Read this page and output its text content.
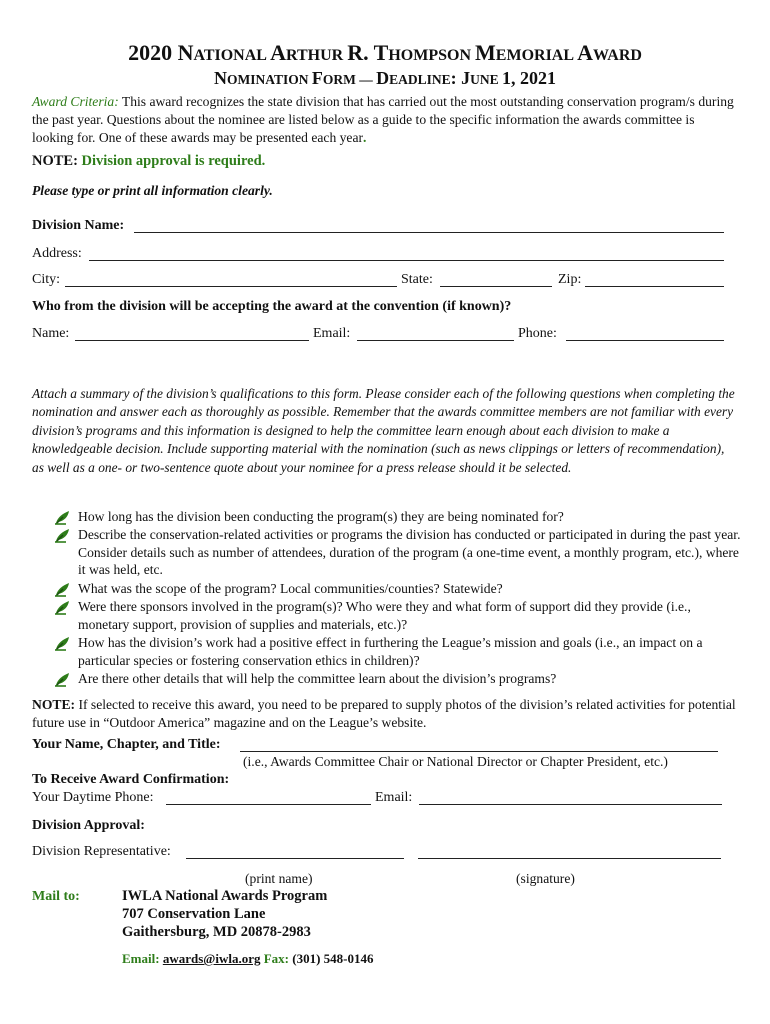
2020 NATIONAL ARTHUR R. THOMPSON MEMORIAL AWARD
NOMINATION FORM — DEADLINE: JUNE 1, 2021

Award Criteria: This award recognizes the state division that has carried out the most outstanding conservation program/s during the past year. Questions about the nominee are listed below as a guide to the specific information the awards committee is looking for. One of these awards may be presented each year.

NOTE: Division approval is required.
Please type or print all information clearly.
Division Name:
Address:
City:	State:	Zip:
Who from the division will be accepting the award at the convention (if known)?
Name:	Email:	Phone:

Attach a summary of the division’s qualifications to this form. Please consider each of the following questions when completing the nomination and answer each as thoroughly as possible. Remember that the awards committee members are not familiar with every division’s programs and this information is designed to help the committee learn enough about each division to make a knowledgeable decision. Include supporting material with the nomination (such as news clippings or letters of recommendation), as well as a one- or two-sentence quote about your nominee for a press release should it be selected.

How long has the division been conducting the program(s) they are being nominated for?
Describe the conservation-related activities or programs the division has conducted or participated in during the past year. Consider details such as number of attendees, duration of the program (a one-time event, a monthly program, etc.), where it was held, etc.
What was the scope of the program? Local communities/counties? Statewide?
Were there sponsors involved in the program(s)? Who were they and what form of support did they provide (i.e., monetary support, provision of supplies and materials, etc.)?
How has the division’s work had a positive effect in furthering the League’s mission and goals (i.e., an impact on a particular species or fostering conservation ethics in children)?
Are there other details that will help the committee learn about the division’s programs?
NOTE: If selected to receive this award, you need to be prepared to supply photos of the division’s related activities for potential future use in “Outdoor America” magazine and on the League’s website.
Your Name, Chapter, and Title:
(i.e., Awards Committee Chair or National Director or Chapter President, etc.)
To Receive Award Confirmation:
Your Daytime Phone:	Email:
Division Approval:
Division Representative:
(print name)	(signature)
Mail to:	IWLA National Awards Program
707 Conservation Lane
Gaithersburg, MD 20878-2983
Email: awards@iwla.org Fax: (301) 548-0146
